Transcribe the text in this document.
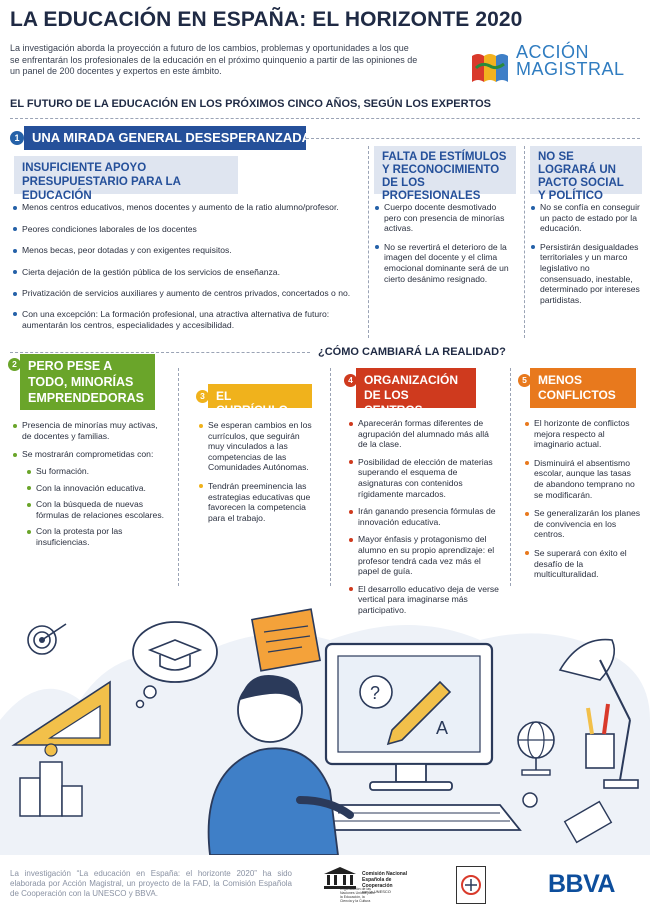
LA EDUCACIÓN EN ESPAÑA: EL HORIZONTE 2020
La investigación aborda la proyección a futuro de los cambios, problemas y oportunidades a los que se enfrentarán los profesionales de la educación en el próximo quinquenio a partir de las opiniones de un panel de 200 docentes y expertos en este ámbito.
ACCIÓN
MAGISTRAL
EL FUTURO DE LA EDUCACIÓN EN LOS PRÓXIMOS CINCO AÑOS, SEGÚN LOS EXPERTOS
1 UNA MIRADA GENERAL DESESPERANZADA
INSUFICIENTE APOYO PRESUPUESTARIO PARA LA EDUCACIÓN
Menos centros educativos, menos docentes y aumento de la ratio alumno/profesor.
Peores condiciones laborales de los docentes
Menos becas, peor dotadas y con exigentes requisitos.
Cierta dejación de la gestión pública de los servicios de enseñanza.
Privatización de servicios auxiliares y aumento de centros privados, concertados o no.
Con una excepción: La formación profesional, una atractiva alternativa de futuro: aumentarán los centros, especialidades y accesibilidad.
FALTA DE ESTÍMULOS Y RECONOCIMIENTO DE LOS PROFESIONALES
Cuerpo docente desmotivado pero con presencia de minorías activas.
No se revertirá el deterioro de la imagen del docente y el clima emocional dominante será de un cierto desánimo resignado.
NO SE LOGRARÁ UN PACTO SOCIAL Y POLÍTICO
No se confía en conseguir un pacto de estado por la educación.
Persistirán desigualdades territoriales y un marco legislativo no consensuado, inestable, determinado por intereses partidistas.
¿CÓMO CAMBIARÁ LA REALIDAD?
2 PERO PESE A TODO, MINORÍAS EMPRENDEDORAS
Presencia de minorías muy activas, de docentes y familias.
Se mostrarán comprometidas con:
Su formación.
Con la innovación educativa.
Con la búsqueda de nuevas fórmulas de relaciones escolares.
Con la protesta por las insuficiencias.
3 EL CURRÍCULO
Se esperan cambios en los currículos, que seguirán muy vinculados a las competencias de las Comunidades Autónomas.
Tendrán preeminencia las estrategias educativas que favorecen la competencia para el trabajo.
4 ORGANIZACIÓN DE LOS CENTROS
Aparecerán formas diferentes de agrupación del alumnado más allá de la clase.
Posibilidad de elección de materias superando el esquema de asignaturas con contenidos rígidamente marcados.
Irán ganando presencia fórmulas de innovación educativa.
Mayor énfasis y protagonismo del alumno en su propio aprendizaje: el profesor tendrá cada vez más el papel de guía.
El desarrollo educativo deja de verse vertical para imaginarse más participativo.
5 MENOS CONFLICTOS
El horizonte de conflictos mejora respecto al imaginario actual.
Disminuirá el absentismo escolar, aunque las tasas de abandono temprano no se modificarán.
Se generalizarán los planes de convivencia en los centros.
Se superará con éxito el desafío de la multiculturalidad.
?
A
La investigación “La educación en España: el horizonte 2020” ha sido elaborada por Acción Magistral, un proyecto de la FAD, la Comisión Española de Cooperación con la UNESCO y BBVA.	Organización de las Naciones Unidas para la Educación, la Ciencia y la Cultura
Comisión Nacional
Española de
Cooperación
con la UNESCO	BBVA
